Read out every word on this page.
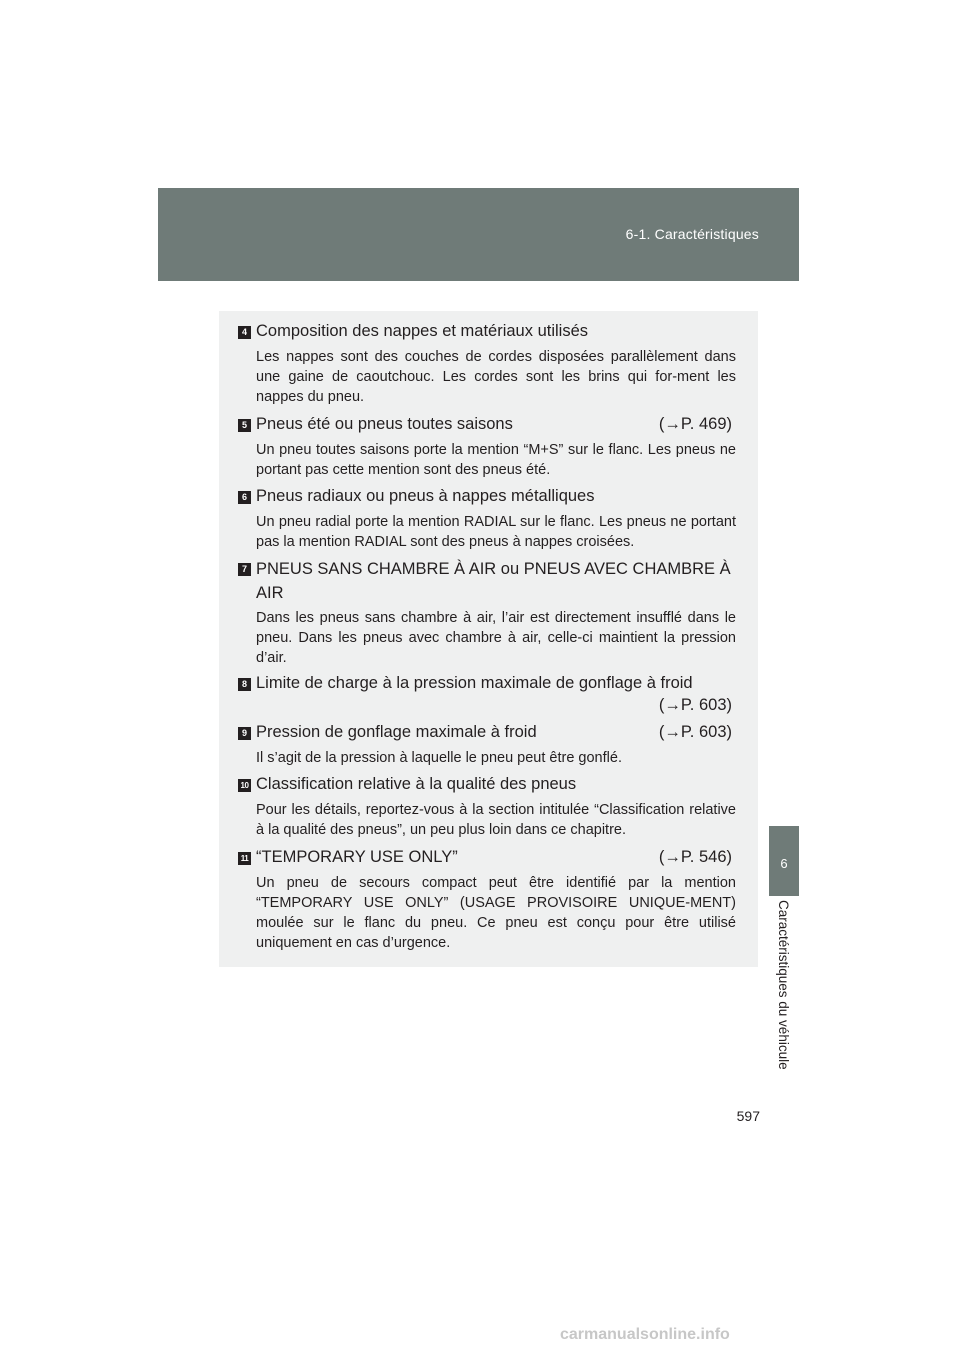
6-1. Caractéristiques
6
Caractéristiques du véhicule
4 Composition des nappes et matériaux utilisés
Les nappes sont des couches de cordes disposées parallèlement dans une gaine de caoutchouc. Les cordes sont les brins qui for-ment les nappes du pneu.
5 Pneus été ou pneus toutes saisons	(→P. 469)
Un pneu toutes saisons porte la mention “M+S” sur le flanc. Les pneus ne portant pas cette mention sont des pneus été.
6 Pneus radiaux ou pneus à nappes métalliques
Un pneu radial porte la mention RADIAL sur le flanc. Les pneus ne portant pas la mention RADIAL sont des pneus à nappes croisées.
7 PNEUS SANS CHAMBRE À AIR ou PNEUS AVEC CHAMBRE À AIR
Dans les pneus sans chambre à air, l’air est directement insufflé dans le pneu. Dans les pneus avec chambre à air, celle-ci maintient la pression d’air.
8 Limite de charge à la pression maximale de gonflage à froid
(→P. 603)
9 Pression de gonflage maximale à froid	(→P. 603)
Il s’agit de la pression à laquelle le pneu peut être gonflé.
10 Classification relative à la qualité des pneus
Pour les détails, reportez-vous à la section intitulée “Classification relative à la qualité des pneus”, un peu plus loin dans ce chapitre.
11 “TEMPORARY USE ONLY”	(→P. 546)
Un pneu de secours compact peut être identifié par la mention “TEMPORARY USE ONLY” (USAGE PROVISOIRE UNIQUE-MENT) moulée sur le flanc du pneu. Ce pneu est conçu pour être utilisé uniquement en cas d’urgence.
597
carmanualsonline.info
